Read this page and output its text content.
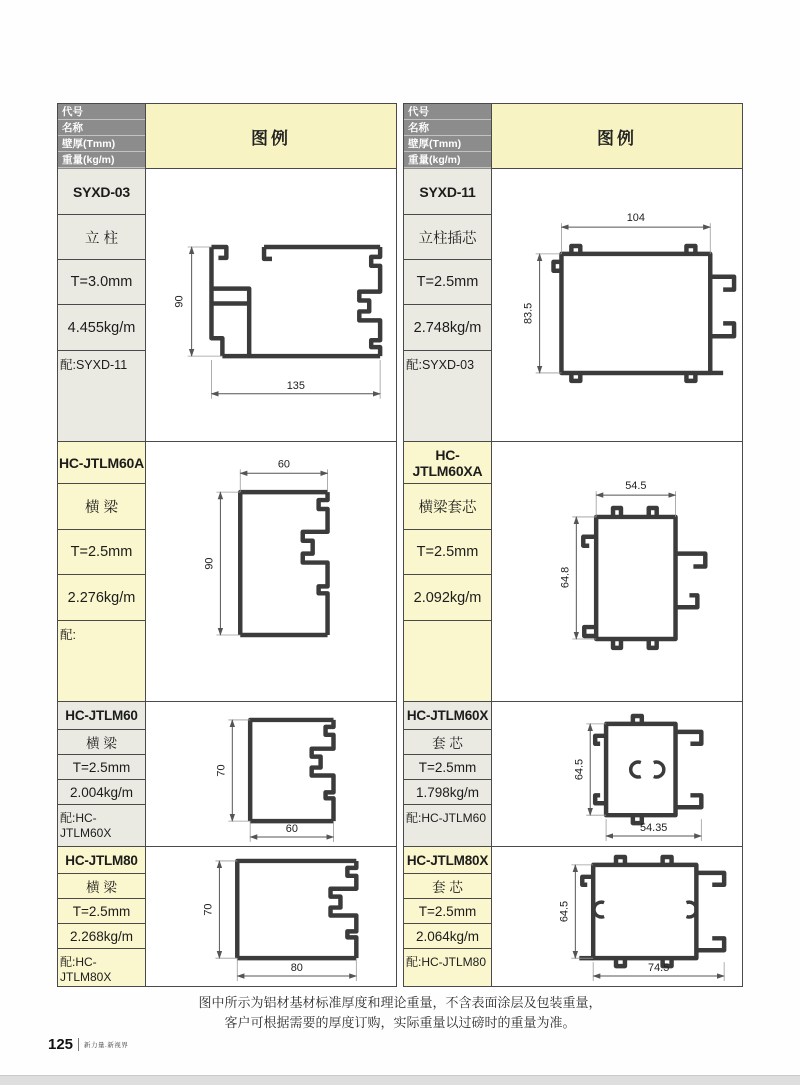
代号
名称
壁厚(Tmm)
重量(kg/m)
图例
SYXD-03
立 柱
T=3.0mm
4.455kg/m
配:SYXD-11
90
135
HC-JTLM60A
横 梁
T=2.5mm
2.276kg/m
配:
60
90
HC-JTLM60
横 梁
T=2.5mm
2.004kg/m
配:HC-JTLM60X
70
60
HC-JTLM80
横 梁
T=2.5mm
2.268kg/m
配:HC-JTLM80X
70
80
代号
名称
壁厚(Tmm)
重量(kg/m)
图例
SYXD-11
立柱插芯
T=2.5mm
2.748kg/m
配:SYXD-03
104
83.5
HC-JTLM60XA
横梁套芯
T=2.5mm
2.092kg/m
54.5
64.8
HC-JTLM60X
套 芯
T=2.5mm
1.798kg/m
配:HC-JTLM60
64.5
54.35
HC-JTLM80X
套 芯
T=2.5mm
2.064kg/m
配:HC-JTLM80
64.5
74.5
图中所示为铝材基材标准厚度和理论重量，不含表面涂层及包装重量，
客户可根据需要的厚度订购，实际重量以过磅时的重量为准。
125 新力量.新视界
